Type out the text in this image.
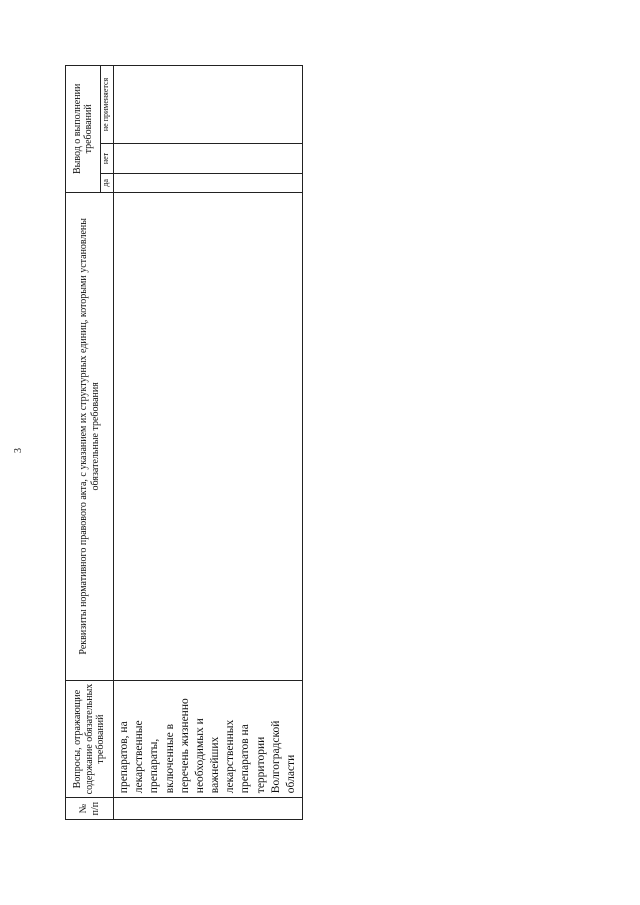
3
№ п/п	Вопросы, отражающие содержание обязательных требований	Реквизиты нормативного правового акта, с указанием их структурных единиц, которыми установлены обязательные требования	Вывод о выполнении требований		
			да	нет	не применяется
	препаратов, на лекарственные препараты, включенные в перечень жизненно необходимых и важнейших лекарственных препаратов на территории Волгоградской области				
